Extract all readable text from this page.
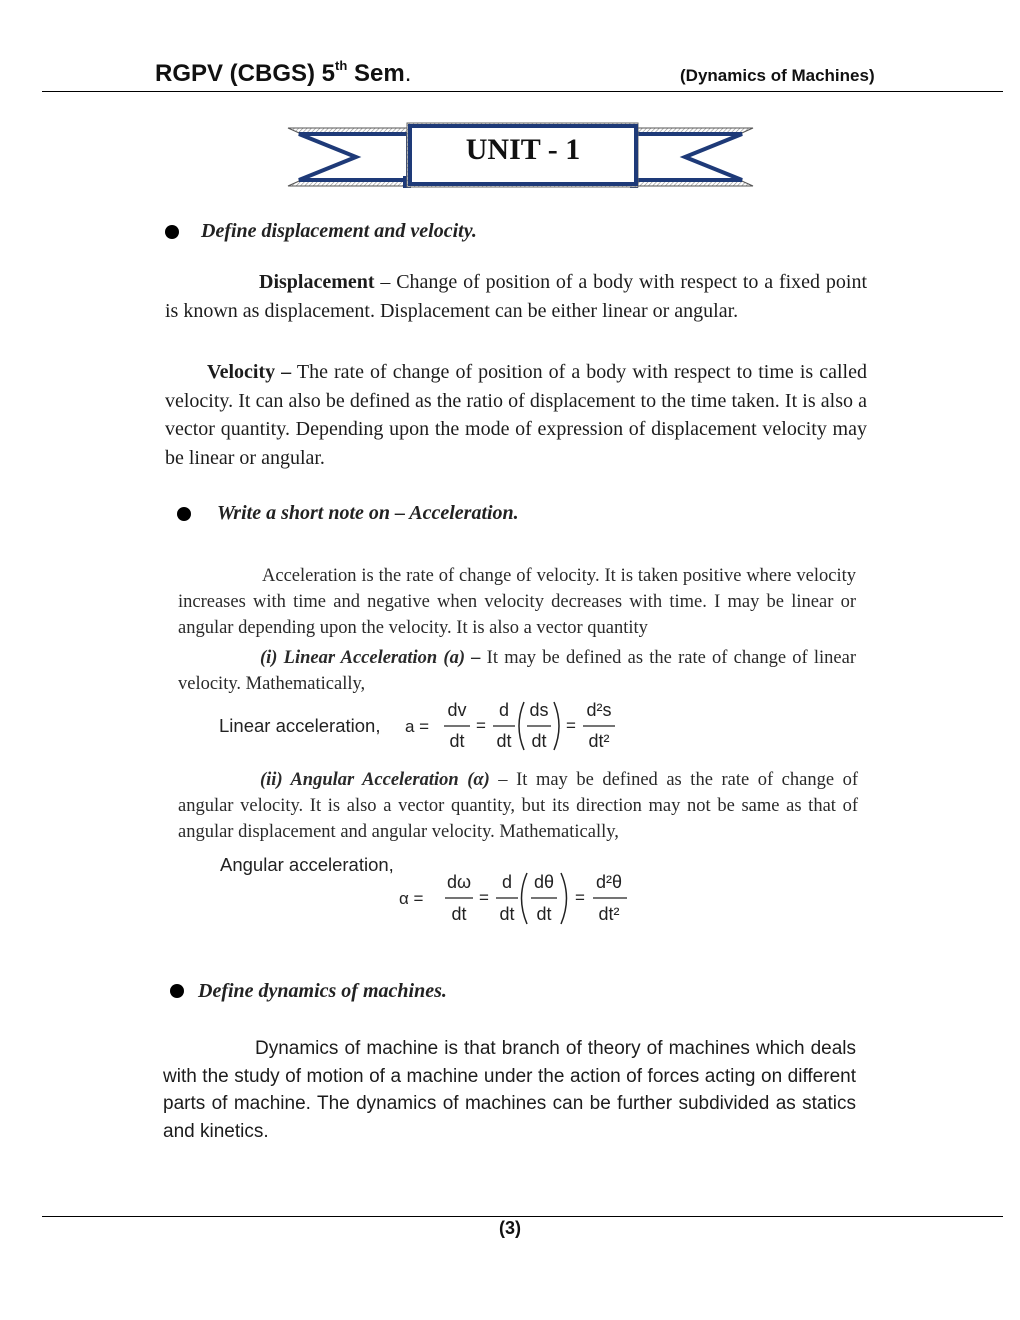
RGPV (CBGS) 5th Sem.	(Dynamics of Machines)
UNIT - 1
Define displacement and velocity.
Displacement – Change of position of a body with respect to a fixed point is known as displacement. Displacement can be either linear or angular.
Velocity – The rate of change of position of a body with respect to time is called velocity. It can also be defined as the ratio of displacement to the time taken. It is also a vector quantity. Depending upon the mode of expression of displacement velocity may be linear or angular.
Write a short note on – Acceleration.
Acceleration is the rate of change of velocity. It is taken positive where velocity increases with time and negative when velocity decreases with time. I may be linear or angular depending upon the velocity. It is also a vector quantity
(i) Linear Acceleration (a) – It may be defined as the rate of change of linear velocity. Mathematically,
Linear acceleration, a =
dv
dt
=
d
dt
ds
dt
=
d²s
dt²
(ii) Angular Acceleration (α) – It may be defined as the rate of change of angular velocity. It is also a vector quantity, but its direction may not be same as that of angular displacement and angular velocity. Mathematically,
Angular acceleration,
α =
dω
dt
=
d
dt
dθ
dt
=
d²θ
dt²
Define dynamics of machines.
Dynamics of machine is that branch of theory of machines which deals with the study of motion of a machine under the action of forces acting on different parts of machine. The dynamics of machines can be further subdivided as statics and kinetics.
(3)
